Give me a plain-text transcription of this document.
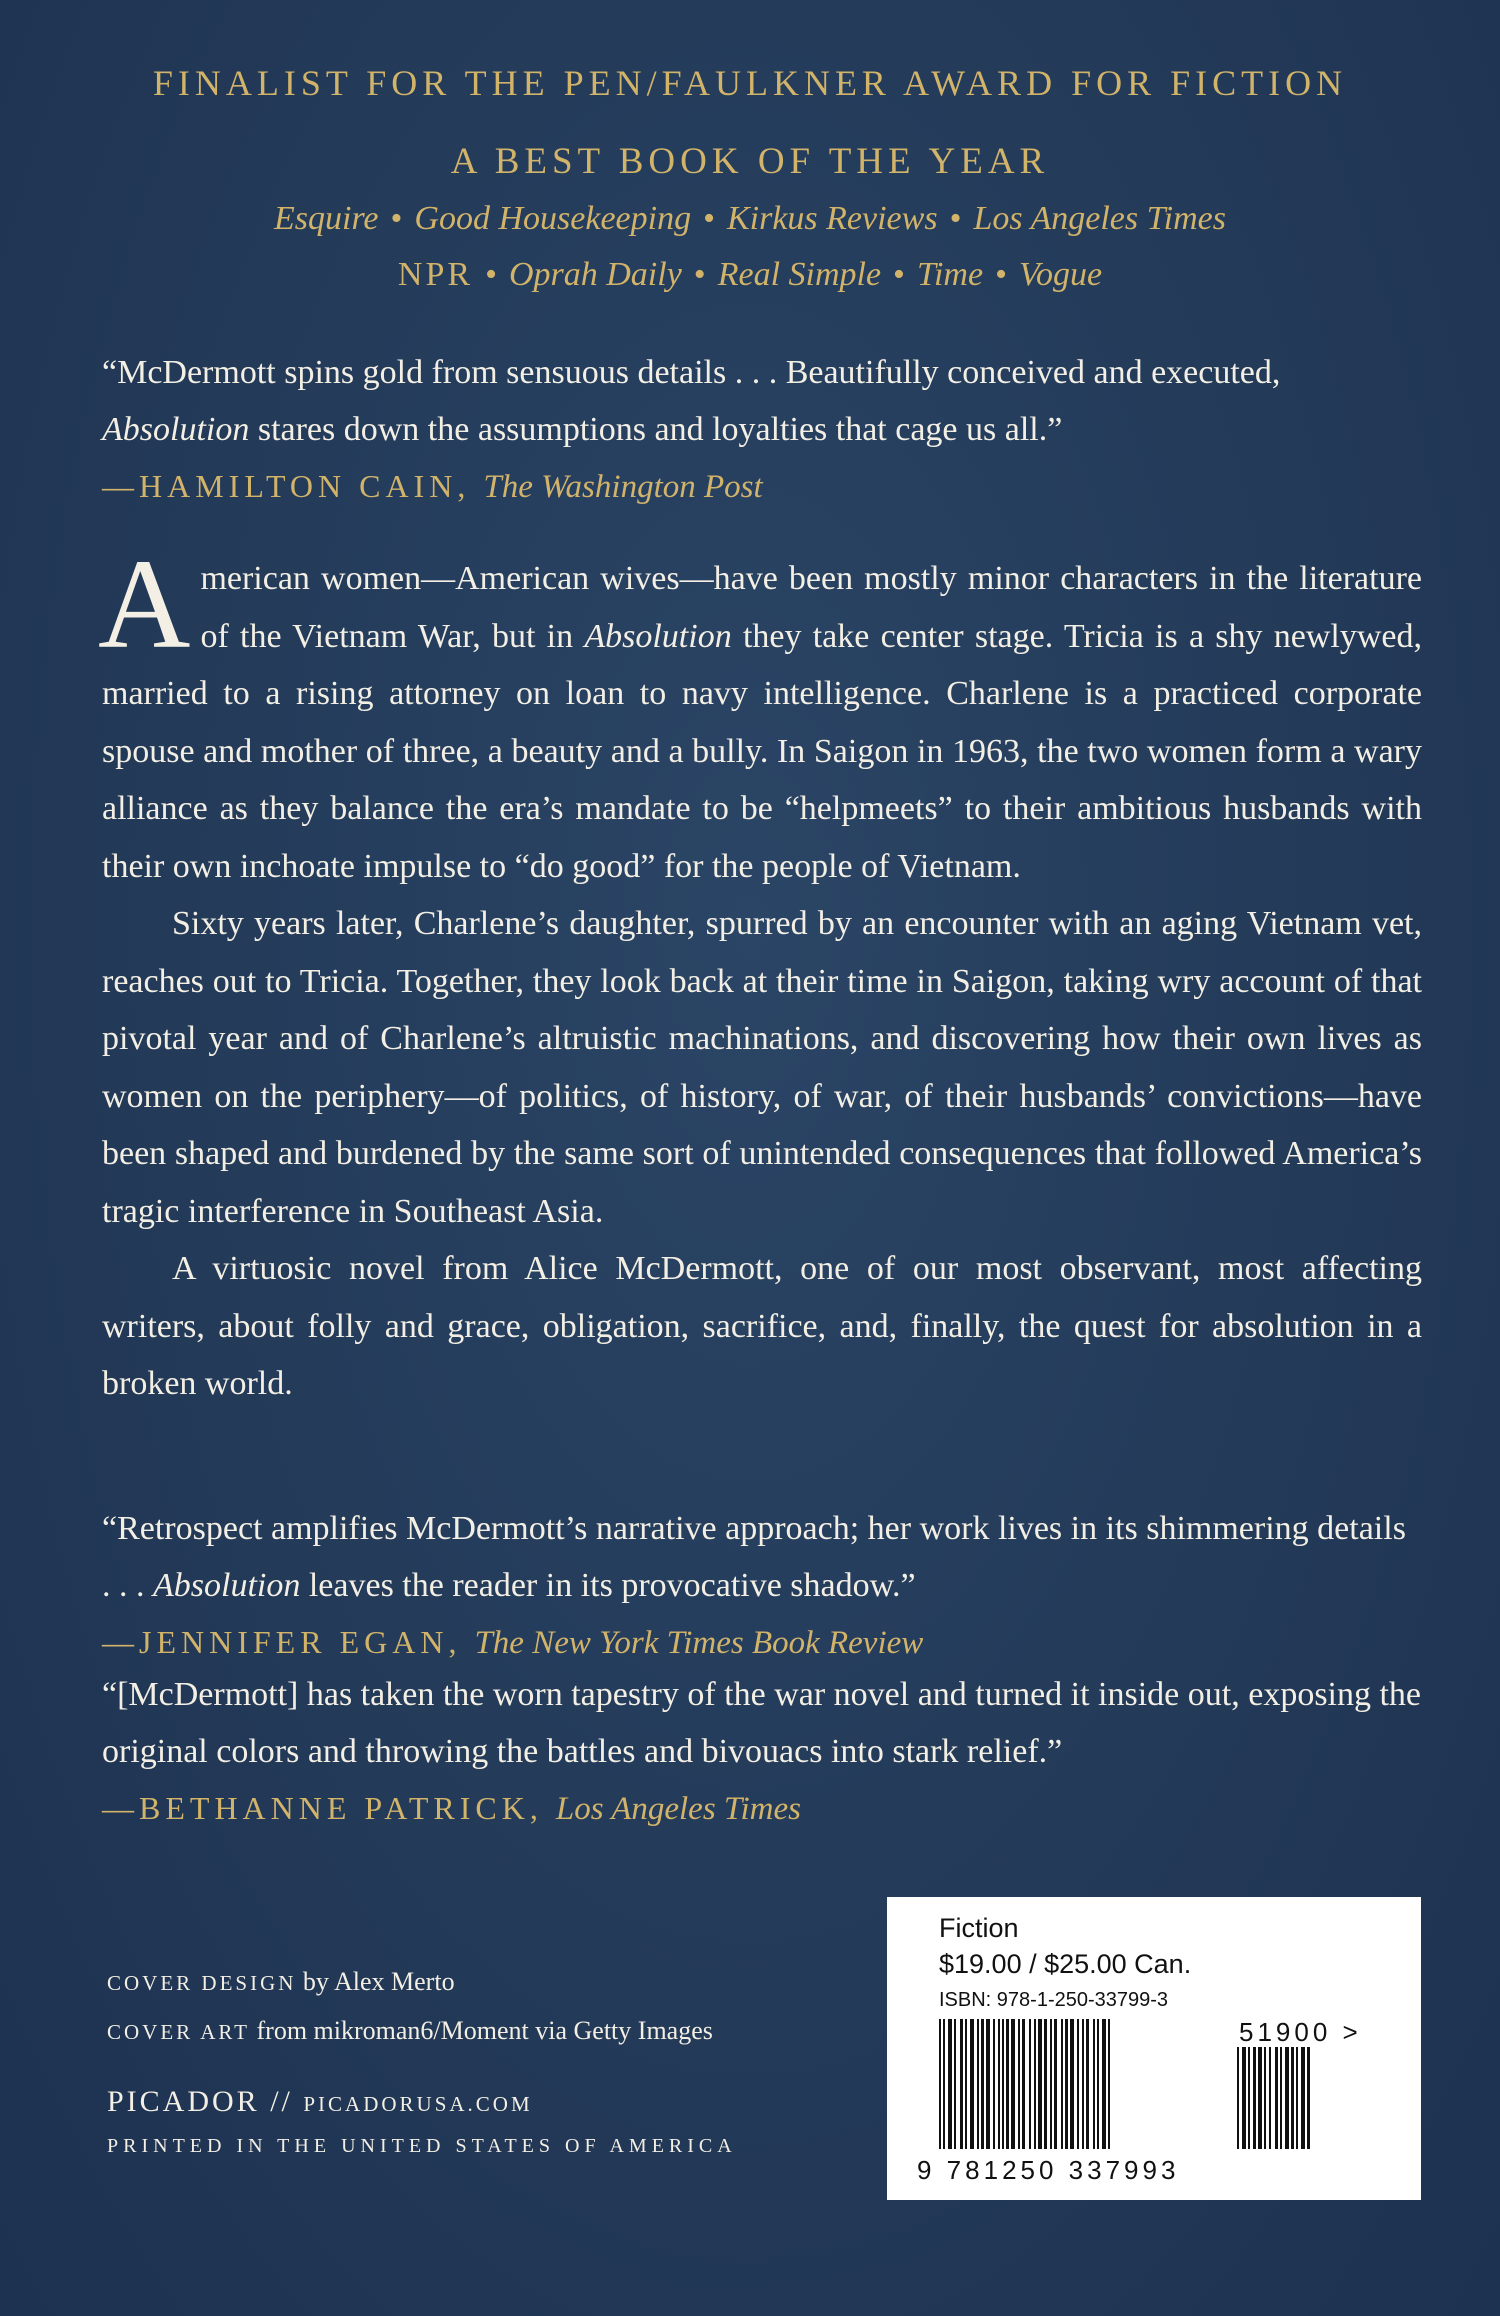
FINALIST FOR THE PEN/FAULKNER AWARD FOR FICTION
A BEST BOOK OF THE YEAR
Esquire • Good Housekeeping • Kirkus Reviews • Los Angeles Times
NPR • Oprah Daily • Real Simple • Time • Vogue
“McDermott spins gold from sensuous details . . . Beautifully conceived and executed,
Absolution stares down the assumptions and loyalties that cage us all.”
—HAMILTON CAIN, The Washington Post

American women—American wives—have been mostly minor characters in the literature of the Vietnam War, but in Absolution they take center stage. Tricia is a shy newlywed, married to a rising attorney on loan to navy intelligence. Charlene is a practiced corporate spouse and mother of three, a beauty and a bully. In Saigon in 1963, the two women form a wary alliance as they balance the era’s mandate to be “helpmeets” to their ambitious husbands with their own inchoate impulse to “do good” for the people of Vietnam.

Sixty years later, Charlene’s daughter, spurred by an encounter with an aging Vietnam vet, reaches out to Tricia. Together, they look back at their time in Saigon, taking wry account of that pivotal year and of Charlene’s altruistic machinations, and discovering how their own lives as women on the periphery—of politics, of history, of war, of their husbands’ convictions—have been shaped and burdened by the same sort of unintended consequences that followed America’s tragic interference in Southeast Asia.

A virtuosic novel from Alice McDermott, one of our most observant, most affecting writers, about folly and grace, obligation, sacrifice, and, finally, the quest for absolution in a broken world.

“Retrospect amplifies McDermott’s narrative approach; her work lives in its shimmering details . . . Absolution leaves the reader in its provocative shadow.”
—JENNIFER EGAN, The New York Times Book Review
“[McDermott] has taken the worn tapestry of the war novel and turned it inside out, exposing the original colors and throwing the battles and bivouacs into stark relief.”
—BETHANNE PATRICK, Los Angeles Times
COVER DESIGN by Alex Merto
COVER ART from mikroman6/Moment via Getty Images
PICADOR // PICADORUSA.COM
PRINTED IN THE UNITED STATES OF AMERICA
Fiction
$19.00 / $25.00 Can.
ISBN: 978-1-250-33799-3
51900 >
9 781250 337993
